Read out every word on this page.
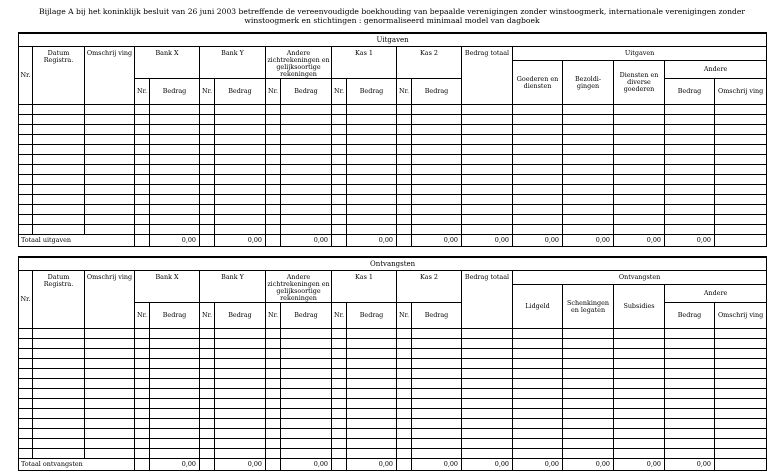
Bijlage A bij het koninklijk besluit van 26 juni 2003 betreffende de vereenvoudigde boekhouding van bepaalde verenigingen zonder winstoogmerk, internationale verenigingen zonder winstoogmerk en stichtingen : genormaliseerd minimaal model van dagboek
Uitgaven																		
Nr.	Datum Registra.	Omschrij ving	Bank X		Bank Y		Andere zichtrekeningen en gelijksoortige rekeningen		Kas 1		Kas 2		Bedrag totaal	Uitgaven				
														Goederen en diensten	Bezoldi- gingen	Diensten en diverse goederen	Andere	
			Nr.	Bedrag	Nr.	Bedrag	Nr.	Bedrag	Nr.	Bedrag	Nr.	Bedrag					Bedrag	Omschrij ving

Totaal uitgaven				0,00		0,00		0,00		0,00		0,00	0,00	0,00	0,00	0,00	0,00	
Ontvangsten																		
Nr.	Datum Registra.	Omschrij ving	Bank X		Bank Y		Andere zichtrekeningen en gelijksoortige rekeningen		Kas 1		Kas 2		Bedrag totaal	Ontvangsten				
														Lidgeld	Schenkingen en legaten	Subsidies	Andere	
			Nr.	Bedrag	Nr.	Bedrag	Nr.	Bedrag	Nr.	Bedrag	Nr.	Bedrag					Bedrag	Omschrij ving

Totaal ontvangsten				0,00		0,00		0,00		0,00		0,00	0,00	0,00	0,00	0,00	0,00	
